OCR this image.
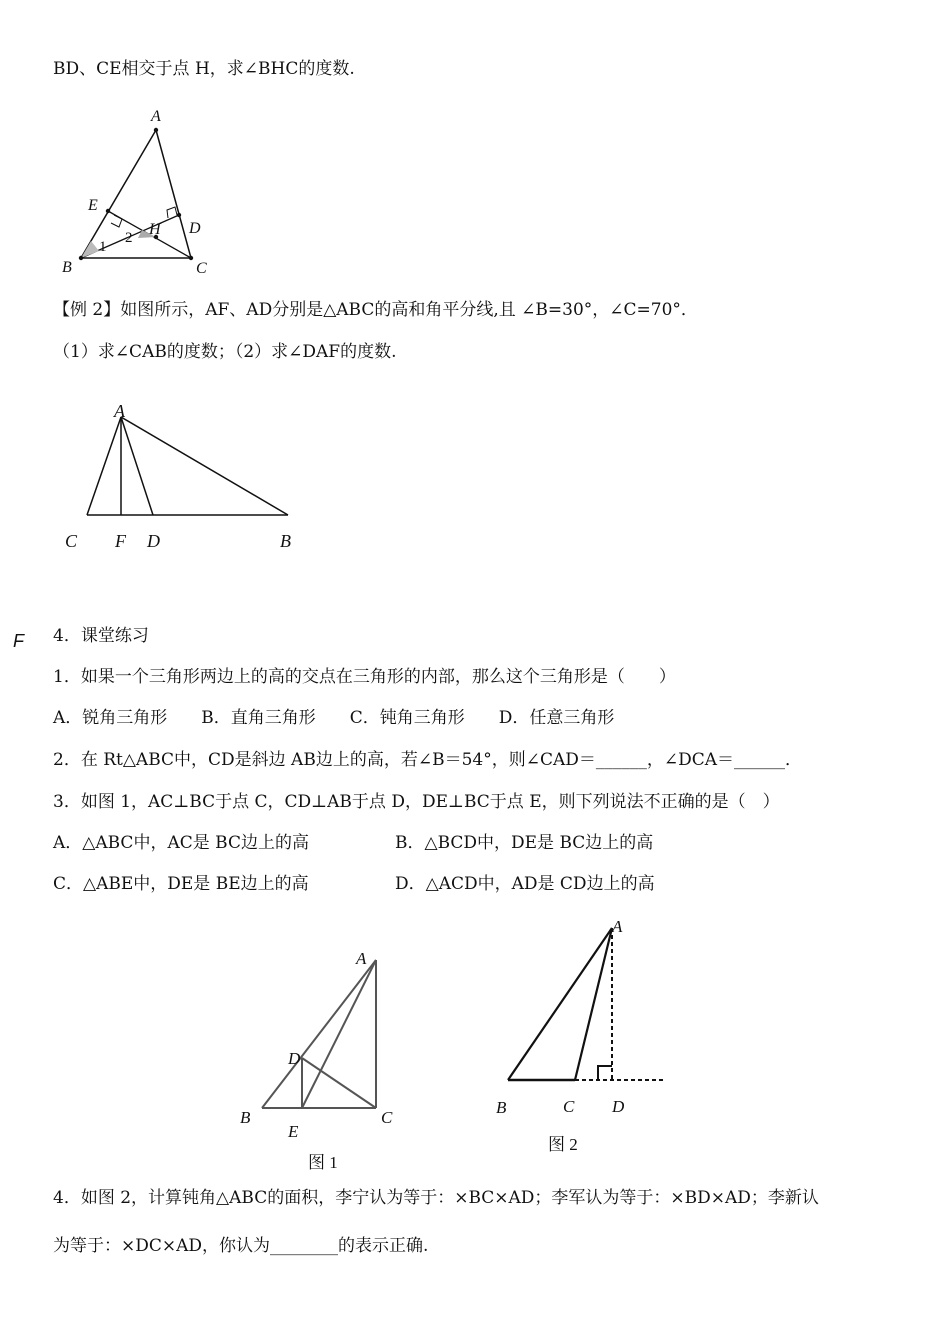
BD、CE相交于点 H，求∠BHC的度数.
A
B	C
D
E
H
1
2
【例 2】如图所示，AF、AD分别是△ABC的高和角平分线,且 ∠B=30°，∠C=70°．
（1）求∠CAB的度数；（2）求∠DAF的度数.
A
C F D	B
F 4．课堂练习
1．如果一个三角形两边上的高的交点在三角形的内部，那么这个三角形是（　　）
A．锐角三角形　　B．直角三角形　　C．钝角三角形　　D．任意三角形
2．在 Rt△ABC中，CD是斜边 AB边上的高，若∠B＝54°，则∠CAD＝______，∠DCA＝______．
3．如图 1，AC⊥BC于点 C，CD⊥AB于点 D，DE⊥BC于点 E，则下列说法不正确的是（　）
A．△ABC中，AC是 BC边上的高	B．△BCD中，DE是 BC边上的高
C．△ABE中，DE是 BE边上的高	D．△ACD中，AD是 CD边上的高
A
B	C
D
E
图 1
A
B	C D
图 2
4．如图 2，计算钝角△ABC的面积，李宁认为等于：×BC×AD；李军认为等于：×BD×AD；李新认
为等于：×DC×AD，你认为________的表示正确.
